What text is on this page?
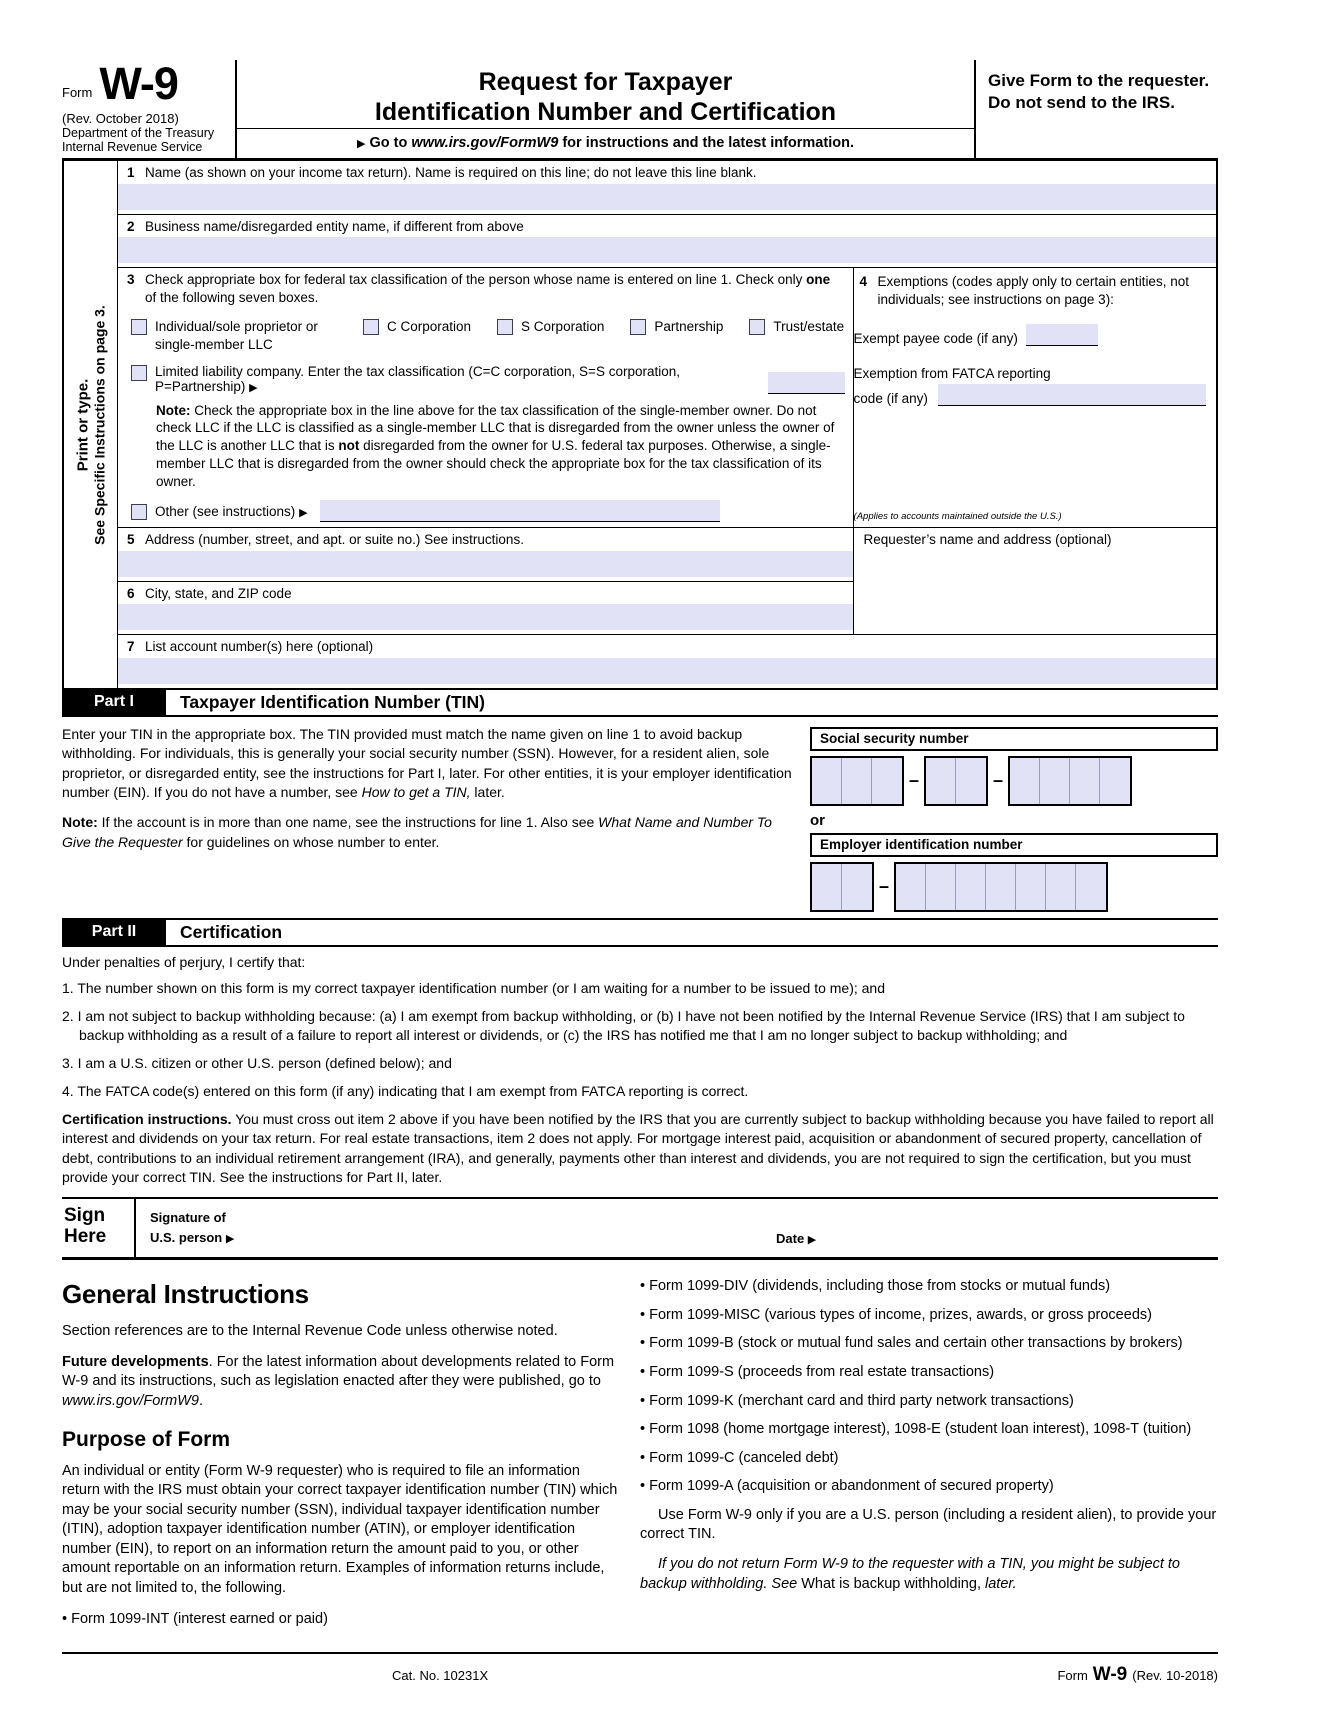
Form W-9
(Rev. October 2018)
Department of the Treasury
Internal Revenue Service
Request for Taxpayer
Identification Number and Certification
▶ Go to www.irs.gov/FormW9 for instructions and the latest information.
Give Form to the requester. Do not send to the IRS.
Print or type. See Specific Instructions on page 3.
1 Name (as shown on your income tax return). Name is required on this line; do not leave this line blank.
2 Business name/disregarded entity name, if different from above
3 Check appropriate box for federal tax classification of the person whose name is entered on line 1. Check only one of the following seven boxes.
Individual/sole proprietor or single-member LLC
C Corporation	S Corporation	Partnership	Trust/estate
Limited liability company. Enter the tax classification (C=C corporation, S=S corporation, P=Partnership) ▶
Note: Check the appropriate box in the line above for the tax classification of the single-member owner. Do not check LLC if the LLC is classified as a single-member LLC that is disregarded from the owner unless the owner of the LLC is another LLC that is not disregarded from the owner for U.S. federal tax purposes. Otherwise, a single-member LLC that is disregarded from the owner should check the appropriate box for the tax classification of its owner.
Other (see instructions) ▶
4 Exemptions (codes apply only to certain entities, not individuals; see instructions on page 3):
Exempt payee code (if any)
Exemption from FATCA reporting
code (if any)
(Applies to accounts maintained outside the U.S.)
5 Address (number, street, and apt. or suite no.) See instructions.
6 City, state, and ZIP code
Requester’s name and address (optional)
7 List account number(s) here (optional)
Part I	Taxpayer Identification Number (TIN)

Enter your TIN in the appropriate box. The TIN provided must match the name given on line 1 to avoid backup withholding. For individuals, this is generally your social security number (SSN). However, for a resident alien, sole proprietor, or disregarded entity, see the instructions for Part I, later. For other entities, it is your employer identification number (EIN). If you do not have a number, see How to get a TIN, later.

Note: If the account is in more than one name, see the instructions for line 1. Also see What Name and Number To Give the Requester for guidelines on whose number to enter.

Social security number
–	–
or
Employer identification number
–
Part II	Certification
Under penalties of perjury, I certify that:
1. The number shown on this form is my correct taxpayer identification number (or I am waiting for a number to be issued to me); and
2. I am not subject to backup withholding because: (a) I am exempt from backup withholding, or (b) I have not been notified by the Internal Revenue Service (IRS) that I am subject to backup withholding as a result of a failure to report all interest or dividends, or (c) the IRS has notified me that I am no longer subject to backup withholding; and
3. I am a U.S. citizen or other U.S. person (defined below); and
4. The FATCA code(s) entered on this form (if any) indicating that I am exempt from FATCA reporting is correct.
Certification instructions. You must cross out item 2 above if you have been notified by the IRS that you are currently subject to backup withholding because you have failed to report all interest and dividends on your tax return. For real estate transactions, item 2 does not apply. For mortgage interest paid, acquisition or abandonment of secured property, cancellation of debt, contributions to an individual retirement arrangement (IRA), and generally, payments other than interest and dividends, you are not required to sign the certification, but you must provide your correct TIN. See the instructions for Part II, later.
Sign
Here
Signature of
U.S. person ▶	Date ▶
General Instructions

Section references are to the Internal Revenue Code unless otherwise noted.

Future developments. For the latest information about developments related to Form W-9 and its instructions, such as legislation enacted after they were published, go to www.irs.gov/FormW9.

Purpose of Form

An individual or entity (Form W-9 requester) who is required to file an information return with the IRS must obtain your correct taxpayer identification number (TIN) which may be your social security number (SSN), individual taxpayer identification number (ITIN), adoption taxpayer identification number (ATIN), or employer identification number (EIN), to report on an information return the amount paid to you, or other amount reportable on an information return. Examples of information returns include, but are not limited to, the following.

• Form 1099-INT (interest earned or paid)
• Form 1099-DIV (dividends, including those from stocks or mutual funds)
• Form 1099-MISC (various types of income, prizes, awards, or gross proceeds)
• Form 1099-B (stock or mutual fund sales and certain other transactions by brokers)
• Form 1099-S (proceeds from real estate transactions)
• Form 1099-K (merchant card and third party network transactions)
• Form 1098 (home mortgage interest), 1098-E (student loan interest), 1098-T (tuition)
• Form 1099-C (canceled debt)
• Form 1099-A (acquisition or abandonment of secured property)

Use Form W-9 only if you are a U.S. person (including a resident alien), to provide your correct TIN.

If you do not return Form W-9 to the requester with a TIN, you might be subject to backup withholding. See What is backup withholding, later.

Cat. No. 10231X	Form W-9 (Rev. 10-2018)
